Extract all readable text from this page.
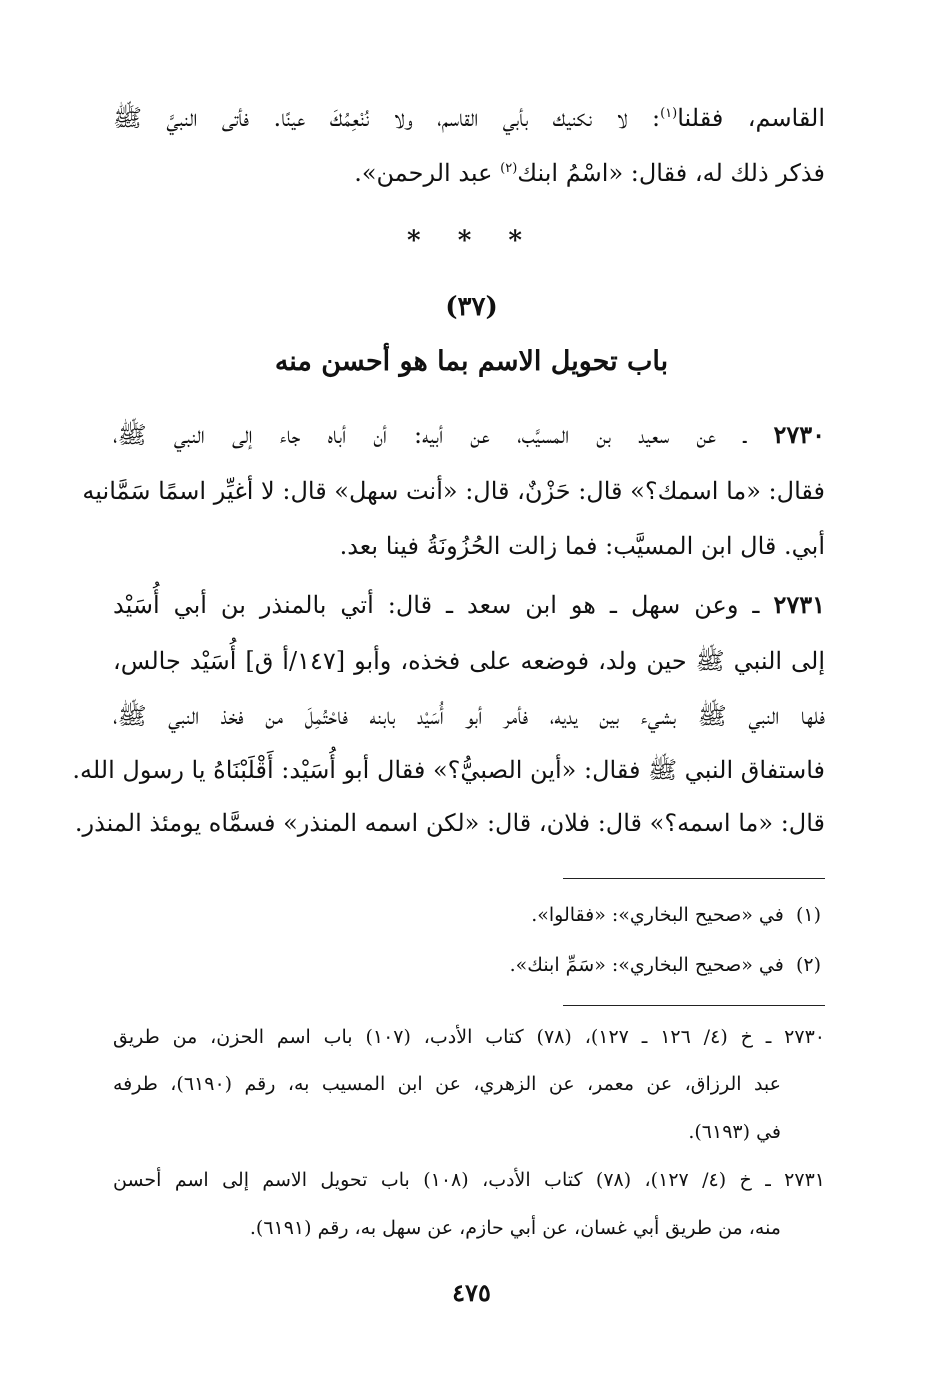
القاسم، فقلنا$^{(١)}$: لا نكنيك بأبي القاسم، ولا نُنْعِمُكَ عينًا. فأتى النبيَّ ﷺ
فذكر ذلك له، فقال: «اسْمُ ابنك$^{(٢)}$ عبد الرحمن».
* * *
(٣٧)
باب تحويل الاسم بما هو أحسن منه
٢٧٣٠ ـ عن سعيد بن المسيَّب، عن أبيه: أن أباه جاء إلى النبي ﷺ،
فقال: «ما اسمك؟» قال: حَزْنٌ، قال: «أنت سهل» قال: لا أغيِّر اسمًا سَمَّانيه
أبي. قال ابن المسيَّب: فما زالت الحُزُونَةُ فينا بعد.
٢٧٣١ ـ وعن سهل ـ هو ابن سعد ـ قال: أتي بالمنذر بن أبي أُسَيْد
إلى النبي ﷺ حين ولد، فوضعه على فخذه، وأبو [١٤٧/أ ق] أُسَيْد جالس،
فلها النبي ﷺ بشيء بين يديه، فأمر أبو أُسَيْد بابنه فاحْتُمِلَ من فخذ النبي ﷺ،
فاستفاق النبي ﷺ فقال: «أين الصبيُّ؟» فقال أبو أُسَيْد: أَقْلَبْنَاهُ يا رسول الله.
قال: «ما اسمه؟» قال: فلان، قال: «لكن اسمه المنذر» فسمَّاه يومئذ المنذر.
(١)  في «صحيح البخاري»: «فقالوا».
(٢)  في «صحيح البخاري»: «سَمِّ ابنك».
٢٧٣٠ ـ خ (٤/ ١٢٦ ـ ١٢٧)، (٧٨) كتاب الأدب، (١٠٧) باب اسم الحزن، من طريق
عبد الرزاق، عن معمر، عن الزهري، عن ابن المسيب به، رقم (٦١٩٠)، طرفه
في (٦١٩٣).
٢٧٣١ ـ خ (٤/ ١٢٧)، (٧٨) كتاب الأدب، (١٠٨) باب تحويل الاسم إلى اسم أحسن
منه، من طريق أبي غسان، عن أبي حازم، عن سهل به، رقم (٦١٩١).
٤٧٥
